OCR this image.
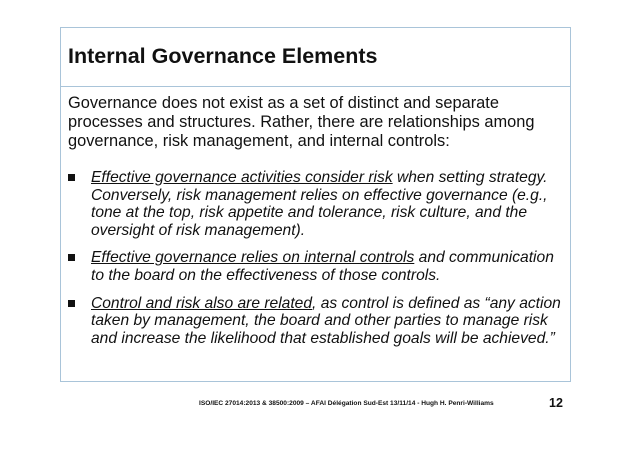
Internal Governance Elements
Governance does not exist as a set of distinct and separate processes and structures. Rather, there are relationships among governance, risk management, and internal controls:
Effective governance activities consider risk when setting strategy. Conversely, risk management relies on effective governance (e.g., tone at the top, risk appetite and tolerance, risk culture, and the oversight of risk management).
Effective governance relies on internal controls and communication to the board on the effectiveness of those controls.
Control and risk also are related, as control is defined as “any action taken by management, the board and other parties to manage risk and increase the likelihood that established goals will be achieved.”
ISO/IEC 27014:2013 & 38500:2009 – AFAI Délégation Sud-Est 13/11/14 - Hugh H. Penri-Williams	12
